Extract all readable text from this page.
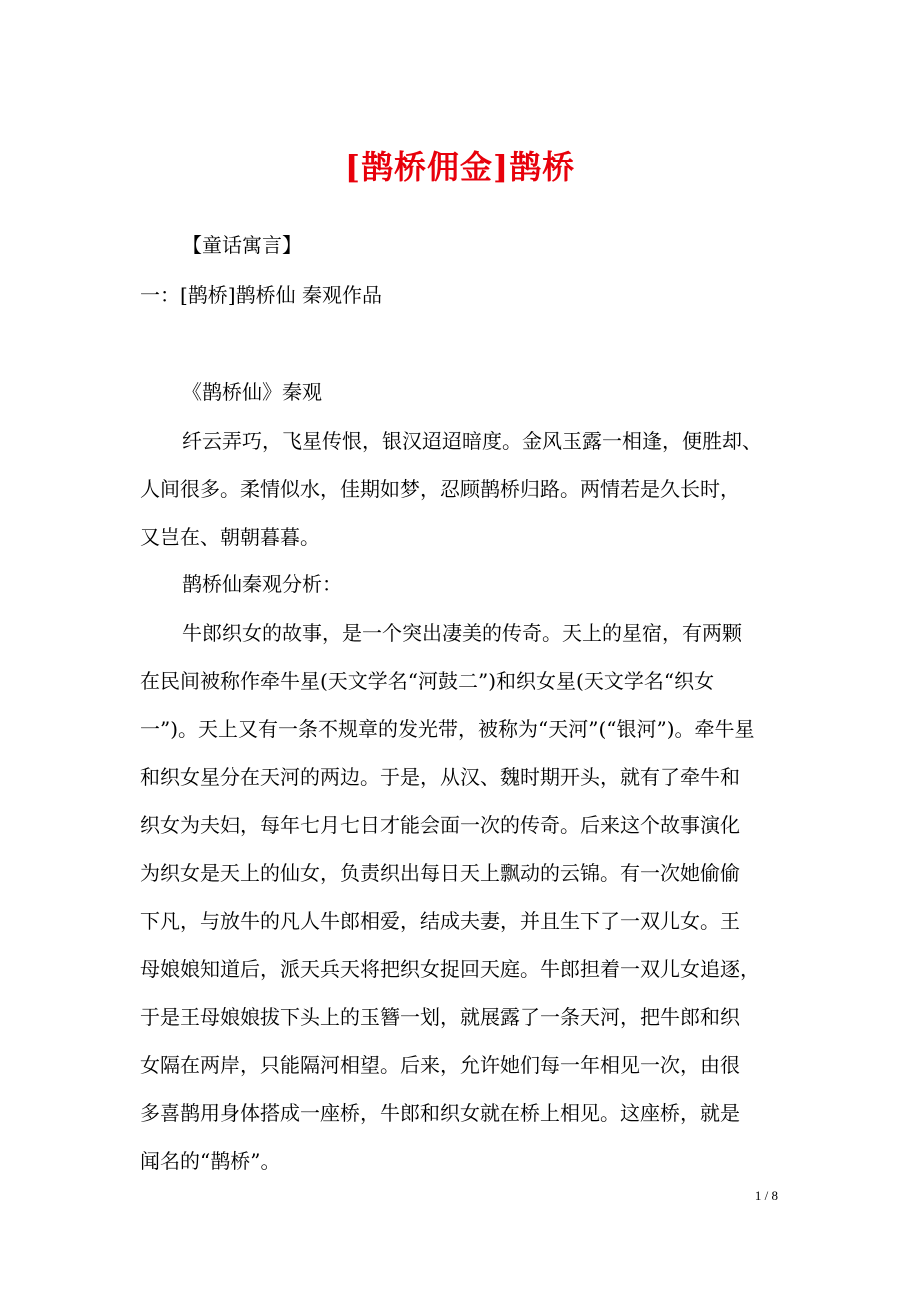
[鹊桥佣金]鹊桥
【童话寓言】
一：[鹊桥]鹊桥仙 秦观作品
《鹊桥仙》秦观
纤云弄巧，飞星传恨，银汉迢迢暗度。金风玉露一相逢，便胜却、
人间很多。柔情似水，佳期如梦，忍顾鹊桥归路。两情若是久长时，
又岂在、朝朝暮暮。
鹊桥仙秦观分析：
牛郎织女的故事，是一个突出凄美的传奇。天上的星宿，有两颗
在民间被称作牵牛星(天文学名“河鼓二”)和织女星(天文学名“织女
一”)。天上又有一条不规章的发光带，被称为“天河”(“银河”)。牵牛星
和织女星分在天河的两边。于是，从汉、魏时期开头，就有了牵牛和
织女为夫妇，每年七月七日才能会面一次的传奇。后来这个故事演化
为织女是天上的仙女，负责织出每日天上飘动的云锦。有一次她偷偷
下凡，与放牛的凡人牛郎相爱，结成夫妻，并且生下了一双儿女。王
母娘娘知道后，派天兵天将把织女捉回天庭。牛郎担着一双儿女追逐，
于是王母娘娘拔下头上的玉簪一划，就展露了一条天河，把牛郎和织
女隔在两岸，只能隔河相望。后来，允许她们每一年相见一次，由很
多喜鹊用身体搭成一座桥，牛郎和织女就在桥上相见。这座桥，就是
闻名的“鹊桥”。
1 / 8
